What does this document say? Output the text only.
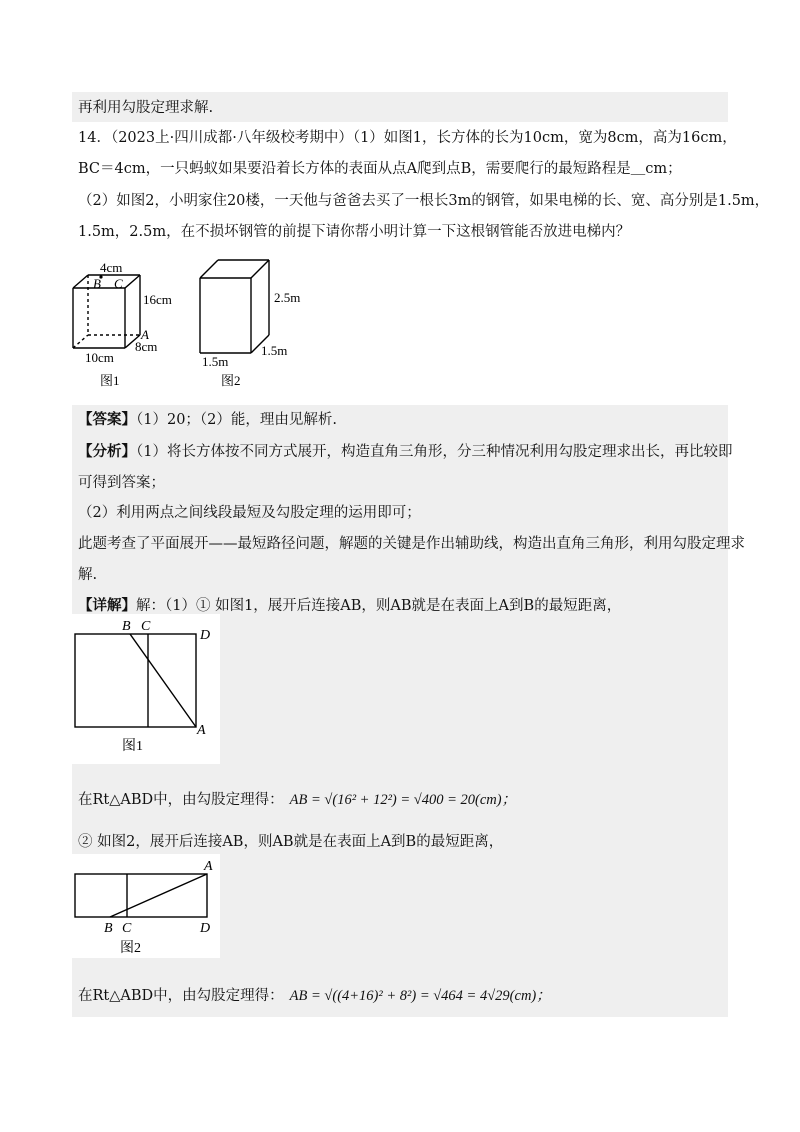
再利用勾股定理求解.
14．（2023上·四川成都·八年级校考期中）（1）如图1，长方体的长为10cm，宽为8cm，高为16cm，
BC＝4cm，一只蚂蚁如果要沿着长方体的表面从点A爬到点B，需要爬行的最短路程是＿cm；
（2）如图2，小明家住20楼，一天他与爸爸去买了一根长3m的钢管，如果电梯的长、宽、高分别是1.5m，
1.5m，2.5m，在不损坏钢管的前提下请你帮小明计算一下这根钢管能否放进电梯内？
4cm
B C
16cm
A
8cm
10cm
图1
2.5m
1.5m
1.5m
图2
【答案】（1）20；（2）能，理由见解析.
【分析】（1）将长方体按不同方式展开，构造直角三角形，分三种情况利用勾股定理求出长，再比较即
可得到答案；
（2）利用两点之间线段最短及勾股定理的运用即可；
此题考查了平面展开——最短路径问题，解题的关键是作出辅助线，构造出直角三角形，利用勾股定理求
解.
【详解】解：（1）① 如图1，展开后连接AB，则AB就是在表面上A到B的最短距离，
B C
D
A
图1
在Rt△ABD中，由勾股定理得： AB = √(16² + 12²) = √400 = 20(cm)；
② 如图2，展开后连接AB，则AB就是在表面上A到B的最短距离，
A
B C	D
图2
在Rt△ABD中，由勾股定理得： AB = √((4+16)² + 8²) = √464 = 4√29(cm)；
